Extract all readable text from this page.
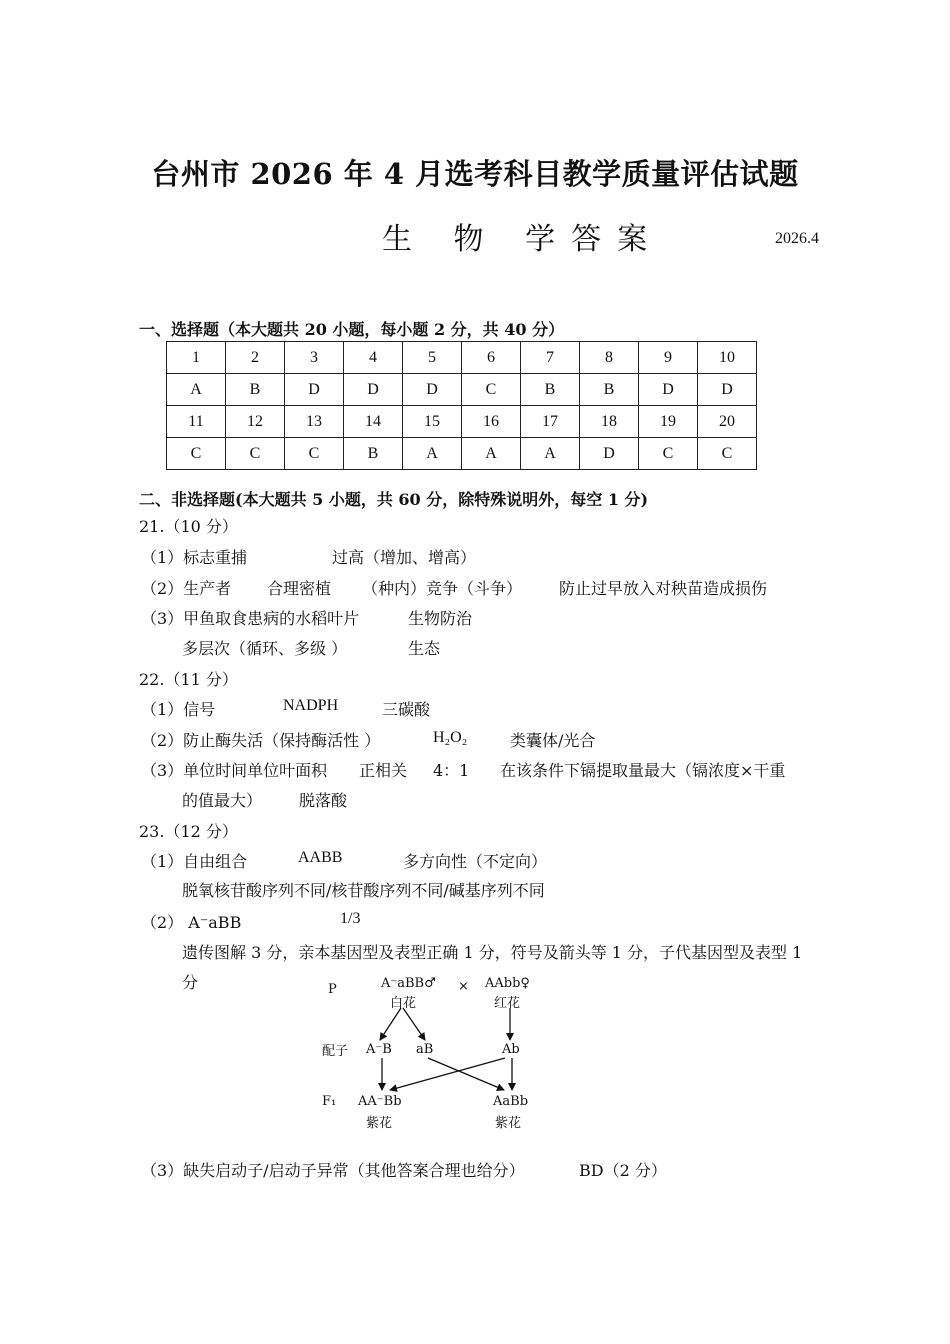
台州市 2026 年 4 月选考科目教学质量评估试题
生 物 学答案	2026.4
一、选择题（本大题共 20 小题，每小题 2 分，共 40 分）
1	2	3	4	5	6	7	8	9	10
A	B	D	D	D	C	B	B	D	D
11	12	13	14	15	16	17	18	19	20
C	C	C	B	A	A	A	D	C	C
二、非选择题(本大题共 5 小题，共 60 分，除特殊说明外，每空 1 分)
21.（10 分）
（1）标志重捕	过高（增加、增高）
（2）生产者 合理密植 （种内）竞争（斗争） 防止过早放入对秧苗造成损伤
（3）甲鱼取食患病的水稻叶片	生物防治
多层次（循环、多级 ）	生态
22.（11 分）
（1）信号	NADPH	三碳酸
（2）防止酶失活（保持酶活性 ）	H₂O₂	类囊体/光合
（3）单位时间单位叶面积 正相关 4：1 在该条件下镉提取量最大（镉浓度×干重
的值最大） 脱落酸
23.（12 分）
（1）自由组合	AABB	多方向性（不定向）
脱氧核苷酸序列不同/核苷酸序列不同/碱基序列不同
（2） A⁻aBB	1/3
遗传图解 3 分，亲本基因型及表型正确 1 分，符号及箭头等 1 分，子代基因型及表型 1
分	P	A⁻aBB♂
白花
× AAbb♀
红花
配子 A⁻B aB	Ab
F₁ AA⁻Bb
紫花
AaBb
紫花
（3）缺失启动子/启动子异常（其他答案合理也给分）	BD（2 分）
